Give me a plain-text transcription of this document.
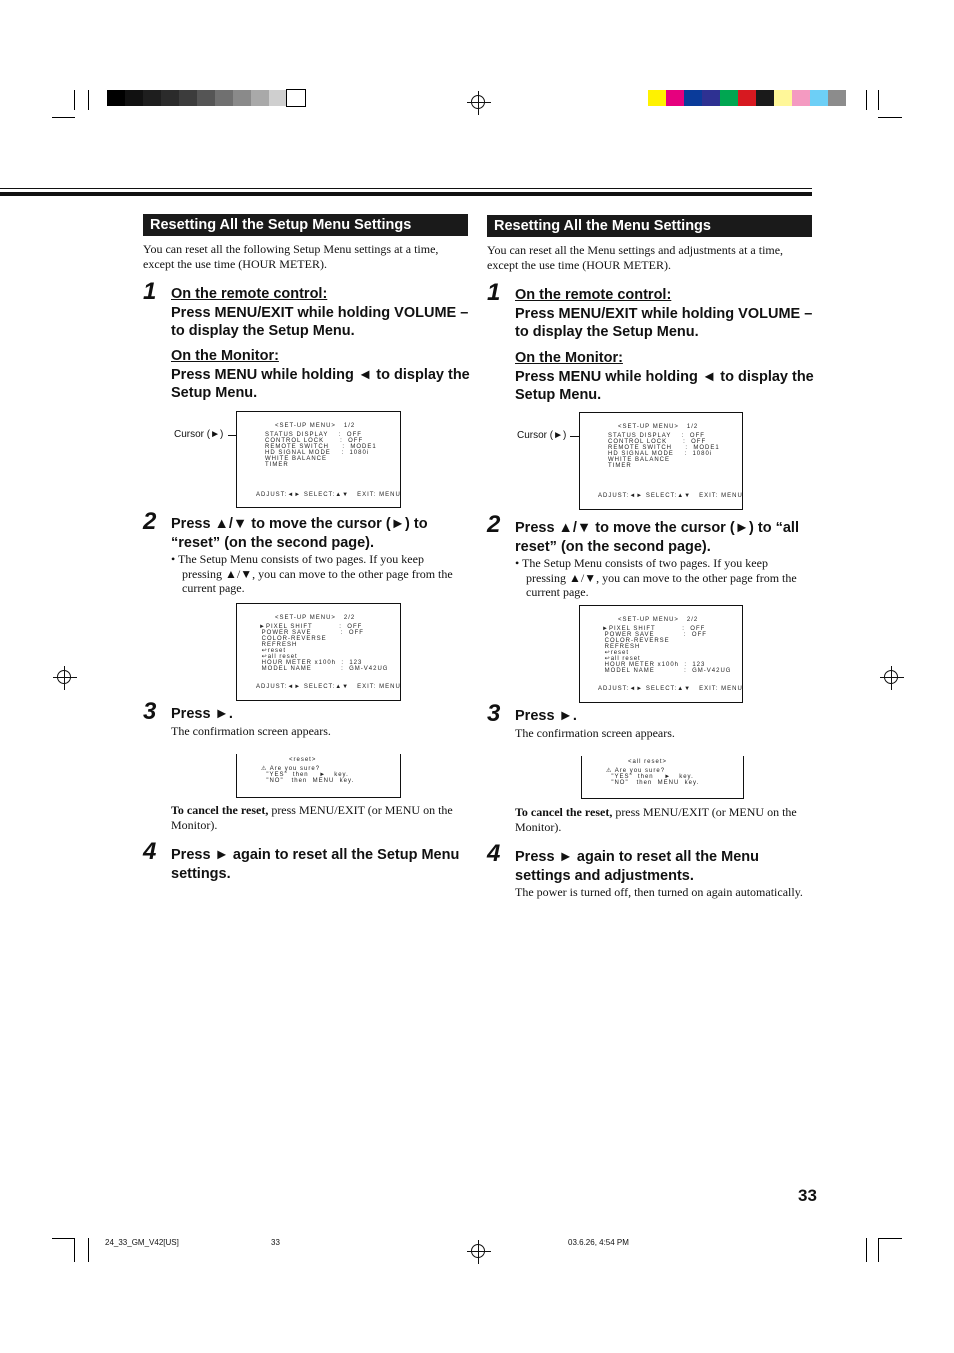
Resetting All the Setup Menu Settings
You can reset all the following Setup Menu settings at a time, except the use time (HOUR METER).
1 On the remote control:
Press MENU/EXIT while holding VOLUME – to display the Setup Menu.
On the Monitor:
Press MENU while holding ◄ to display the Setup Menu.
Cursor (►)
<SET-UP MENU>   1/2
STATUS DISPLAY    :  OFF
CONTROL LOCK      :  OFF
REMOTE SWITCH     :  MODE1
HD SIGNAL MODE    :  1080i
WHITE BALANCE
TIMER
ADJUST:◄► SELECT:▲▼   EXIT: MENU
2 Press ▲/▼ to move the cursor (►) to “reset” (on the second page).
• The Setup Menu consists of two pages. If you keep pressing ▲/▼, you can move to the other page from the current page.
<SET-UP MENU>   2/2
►PIXEL SHIFT          :  OFF
POWER SAVE           :  OFF
COLOR-REVERSE
REFRESH
↩reset
↩all reset
HOUR METER x100h  :  123
MODEL NAME           :  GM-V42UG
ADJUST:◄► SELECT:▲▼   EXIT: MENU
3 Press ►.
The confirmation screen appears.
<reset>
⚠ Are you sure?
"YES"  then    ►   key.
"NO"   then  MENU  key.
To cancel the reset, press MENU/EXIT (or MENU on the Monitor).
4 Press ► again to reset all the Setup Menu settings.
Resetting All the Menu Settings
You can reset all the Menu settings and adjustments at a time, except the use time (HOUR METER).
1 On the remote control:
Press MENU/EXIT while holding VOLUME – to display the Setup Menu.
On the Monitor:
Press MENU while holding ◄ to display the Setup Menu.
Cursor (►)
<SET-UP MENU>   1/2
STATUS DISPLAY    :  OFF
CONTROL LOCK      :  OFF
REMOTE SWITCH     :  MODE1
HD SIGNAL MODE    :  1080i
WHITE BALANCE
TIMER
ADJUST:◄► SELECT:▲▼   EXIT: MENU
2 Press ▲/▼ to move the cursor (►) to “all reset” (on the second page).
• The Setup Menu consists of two pages. If you keep pressing ▲/▼, you can move to the other page from the current page.
<SET-UP MENU>   2/2
►PIXEL SHIFT          :  OFF
POWER SAVE           :  OFF
COLOR-REVERSE
REFRESH
↩reset
↩all reset
HOUR METER x100h  :  123
MODEL NAME           :  GM-V42UG
ADJUST:◄► SELECT:▲▼   EXIT: MENU
3 Press ►.
The confirmation screen appears.
<all reset>
⚠ Are you sure?
"YES"  then    ►   key.
"NO"   then  MENU  key.
To cancel the reset, press MENU/EXIT (or MENU on the Monitor).
4 Press ► again to reset all the Menu settings and adjustments.
The power is turned off, then turned on again automatically.
33
24_33_GM_V42[US]	33	03.6.26, 4:54 PM
